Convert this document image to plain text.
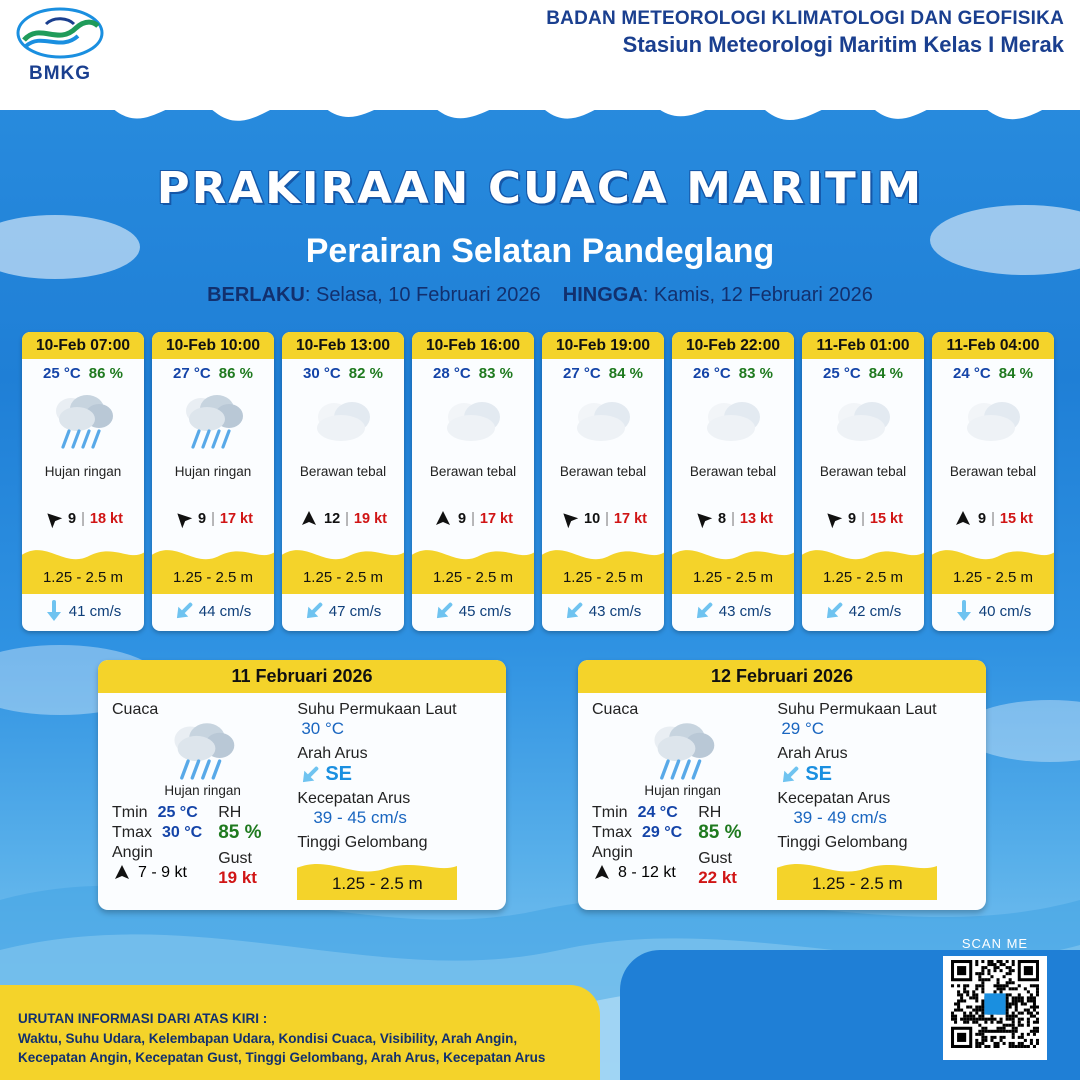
BMKG
BADAN METEOROLOGI KLIMATOLOGI DAN GEOFISIKA
Stasiun Meteorologi Maritim Kelas I Merak
PRAKIRAAN CUACA MARITIM
Perairan Selatan Pandeglang
BERLAKU: Selasa, 10 Februari 2026 HINGGA: Kamis, 12 Februari 2026
10-Feb 07:00
25 °C 86 %
Hujan ringan
9 | 18 kt
1.25 - 2.5 m
41 cm/s
10-Feb 10:00
27 °C 86 %
Hujan ringan
9 | 17 kt
1.25 - 2.5 m
44 cm/s
10-Feb 13:00
30 °C 82 %
Berawan tebal
12 | 19 kt
1.25 - 2.5 m
47 cm/s
10-Feb 16:00
28 °C 83 %
Berawan tebal
9 | 17 kt
1.25 - 2.5 m
45 cm/s
10-Feb 19:00
27 °C 84 %
Berawan tebal
10 | 17 kt
1.25 - 2.5 m
43 cm/s
10-Feb 22:00
26 °C 83 %
Berawan tebal
8 | 13 kt
1.25 - 2.5 m
43 cm/s
11-Feb 01:00
25 °C 84 %
Berawan tebal
9 | 15 kt
1.25 - 2.5 m
42 cm/s
11-Feb 04:00
24 °C 84 %
Berawan tebal
9 | 15 kt
1.25 - 2.5 m
40 cm/s
11 Februari 2026
Cuaca
Hujan ringan
Tmin 25 °C
Tmax 30 °C
Angin
7 - 9 kt
RH
85 %
Gust
19 kt
Suhu Permukaan Laut
30 °C
Arah Arus
SE
Kecepatan Arus
39 - 45 cm/s
Tinggi Gelombang
1.25 - 2.5 m
12 Februari 2026
Cuaca
Hujan ringan
Tmin 24 °C
Tmax 29 °C
Angin
8 - 12 kt
RH
85 %
Gust
22 kt
Suhu Permukaan Laut
29 °C
Arah Arus
SE
Kecepatan Arus
39 - 49 cm/s
Tinggi Gelombang
1.25 - 2.5 m
URUTAN INFORMASI DARI ATAS KIRI :
Waktu, Suhu Udara, Kelembapan Udara, Kondisi Cuaca, Visibility, Arah Angin,
Kecepatan Angin, Kecepatan Gust, Tinggi Gelombang, Arah Arus, Kecepatan Arus
SCAN ME
